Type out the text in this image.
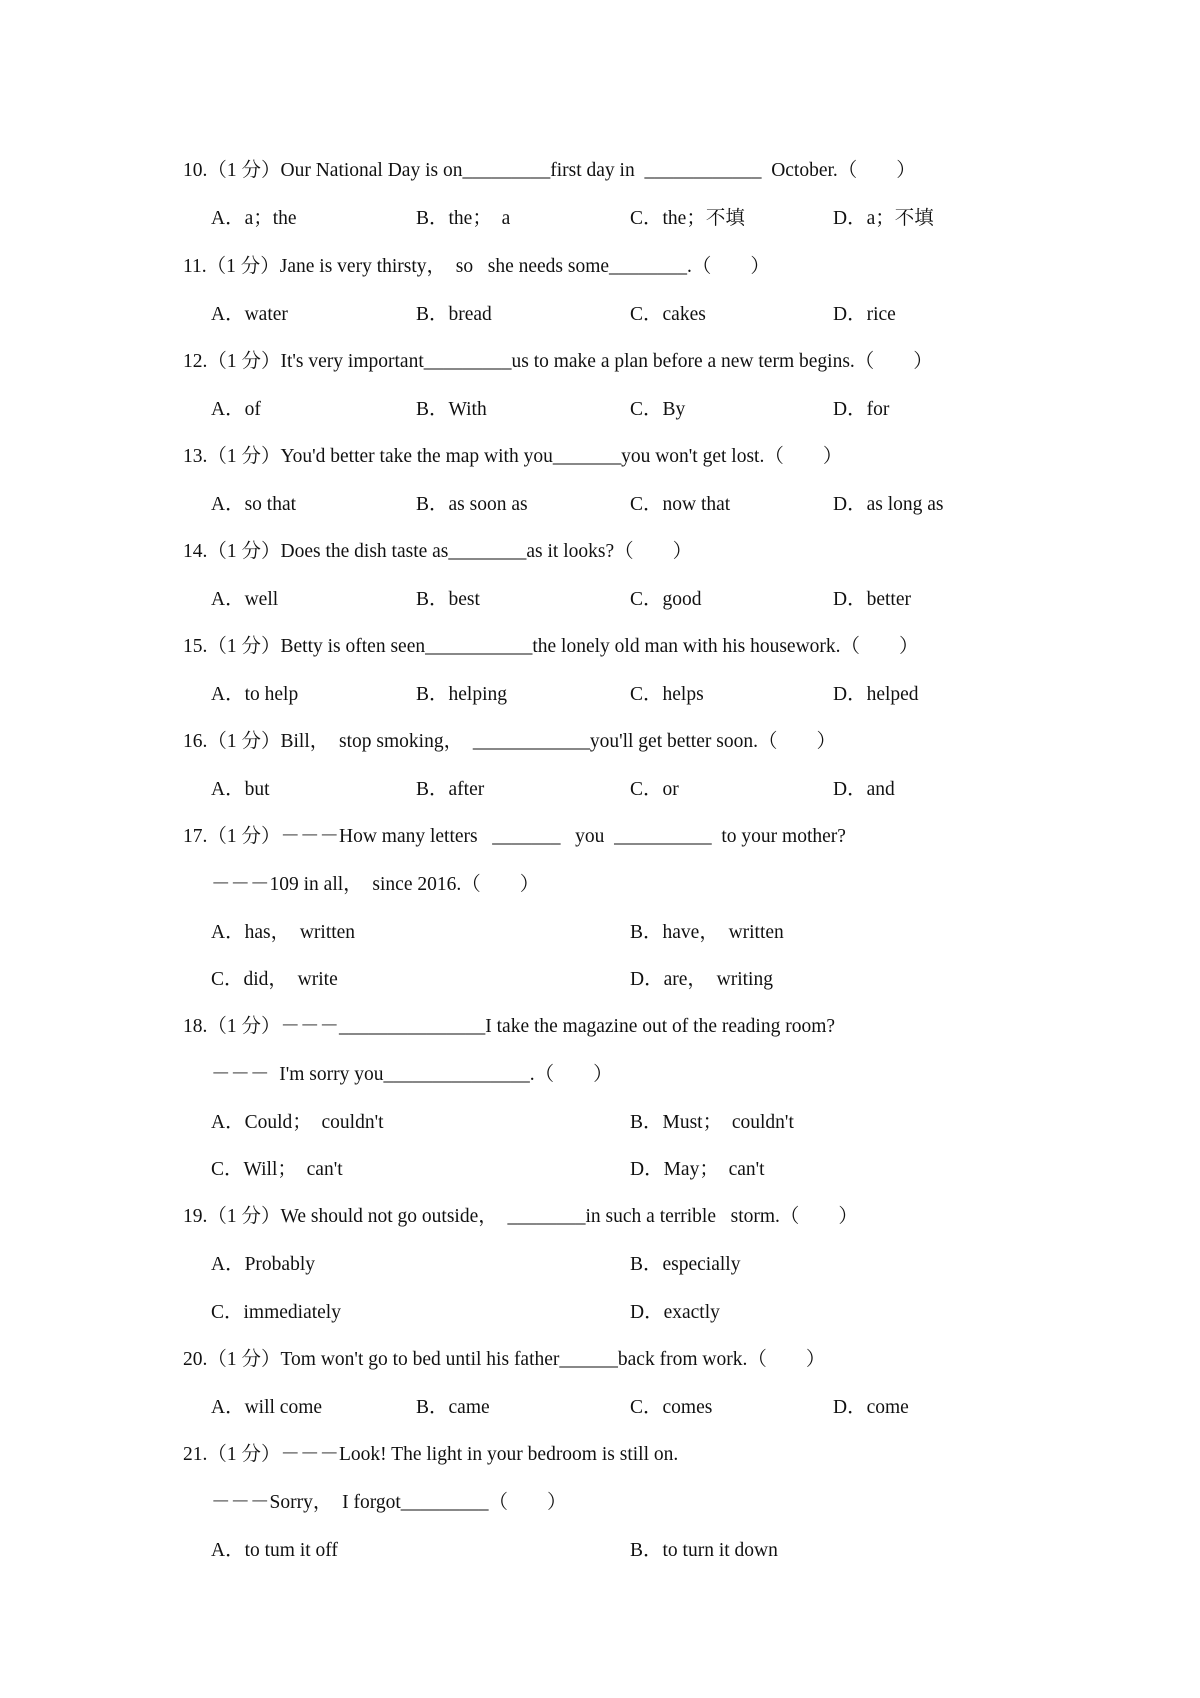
10.（1 分）Our National Day is on_________first day in  ____________  October.（　　）
A．a；the	B．the；　a	C．the；不填	D．a；不填
11.（1 分）Jane is very thirsty，  so   she needs some________.（　　）
A．water	B．bread	C．cakes	D．rice
12.（1 分）It's very important_________us to make a plan before a new term begins.（　　）
A．of	B．With	C．By	D．for
13.（1 分）You'd better take the map with you_______you won't get lost.（　　）
A．so that	B．as soon as	C．now that	D．as long as
14.（1 分）Does the dish taste as________as it looks?（　　）
A．well	B．best	C．good	D．better
15.（1 分）Betty is often seen___________the lonely old man with his housework.（　　）
A．to help	B．helping	C．helps	D．helped
16.（1 分）Bill，  stop smoking，  ____________you'll get better soon.（　　）
A．but	B．after	C．or	D．and
17.（1 分）－－－How many letters   _______   you  __________  to your mother?
－－－109 in all，  since 2016.（　　）
A．has，  written	B．have，  written
C．did，  write	D．are，  writing
18.（1 分）－－－_______________I take the magazine out of the reading room?
－－－  I'm sorry you_______________.（　　）
A．Could；  couldn't	B．Must；  couldn't
C．Will；  can't	D．May；  can't
19.（1 分）We should not go outside，  ________in such a terrible   storm.（　　）
A．Probably	B．especially
C．immediately	D．exactly
20.（1 分）Tom won't go to bed until his father______back from work.（　　）
A．will come	B．came	C．comes	D．come
21.（1 分）－－－Look! The light in your bedroom is still on.
－－－Sorry，  I forgot_________（　　）
A．to tum it off	B．to turn it down
